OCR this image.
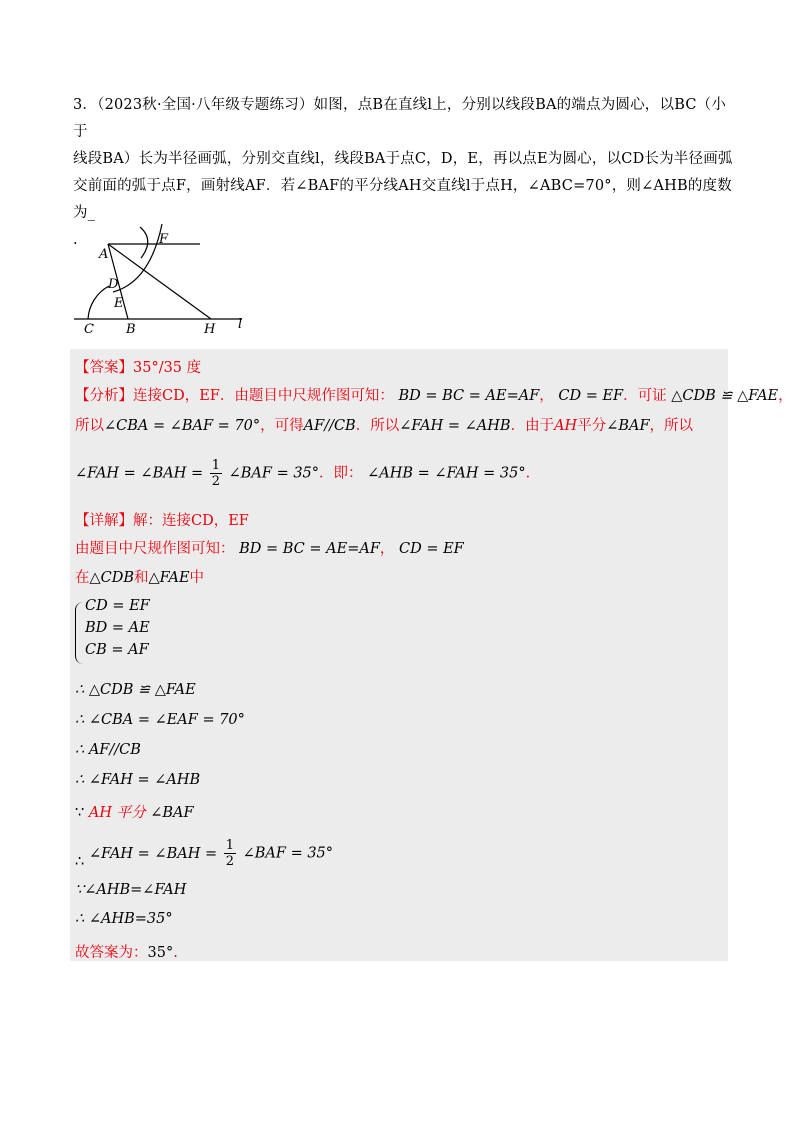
3．（2023秋·全国·八年级专题练习）如图，点B在直线l上，分别以线段BA的端点为圆心，以BC（小于
线段BA）长为半径画弧，分别交直线l，线段BA于点C，D，E，再以点E为圆心，以CD长为半径画弧
交前面的弧于点F，画射线AF．若∠BAF的平分线AH交直线l于点H，∠ABC=70°，则∠AHB的度数为_
.
A
F
D
E
C B	H l
【答案】35°/35 度
【分析】连接CD，EF．由题目中尺规作图可知： BD = BC = AE=AF， CD = EF．可证 △CDB ≌ △FAE，
所以∠CBA = ∠BAF = 70°，可得AF//CB．所以∠FAH = ∠AHB．由于AH平分∠BAF，所以
∠FAH = ∠BAH = $\frac{1}{2}$ ∠BAF = 35°．即： ∠AHB = ∠FAH = 35°．
【详解】解：连接CD，EF
由题目中尺规作图可知： BD = BC = AE=AF， CD = EF
在△CDB和△FAE中
CD = EF
BD = AE
CB = AF
∴ △CDB ≌ △FAE
∴ ∠CBA = ∠EAF = 70°
∴ AF//CB
∴ ∠FAH = ∠AHB
∵ AH 平分 ∠BAF
∠FAH = ∠BAH = $\frac{1}{2}$ ∠BAF = 35°
∴
∵∠AHB=∠FAH
∴ ∠AHB=35°
故答案为：35°.
